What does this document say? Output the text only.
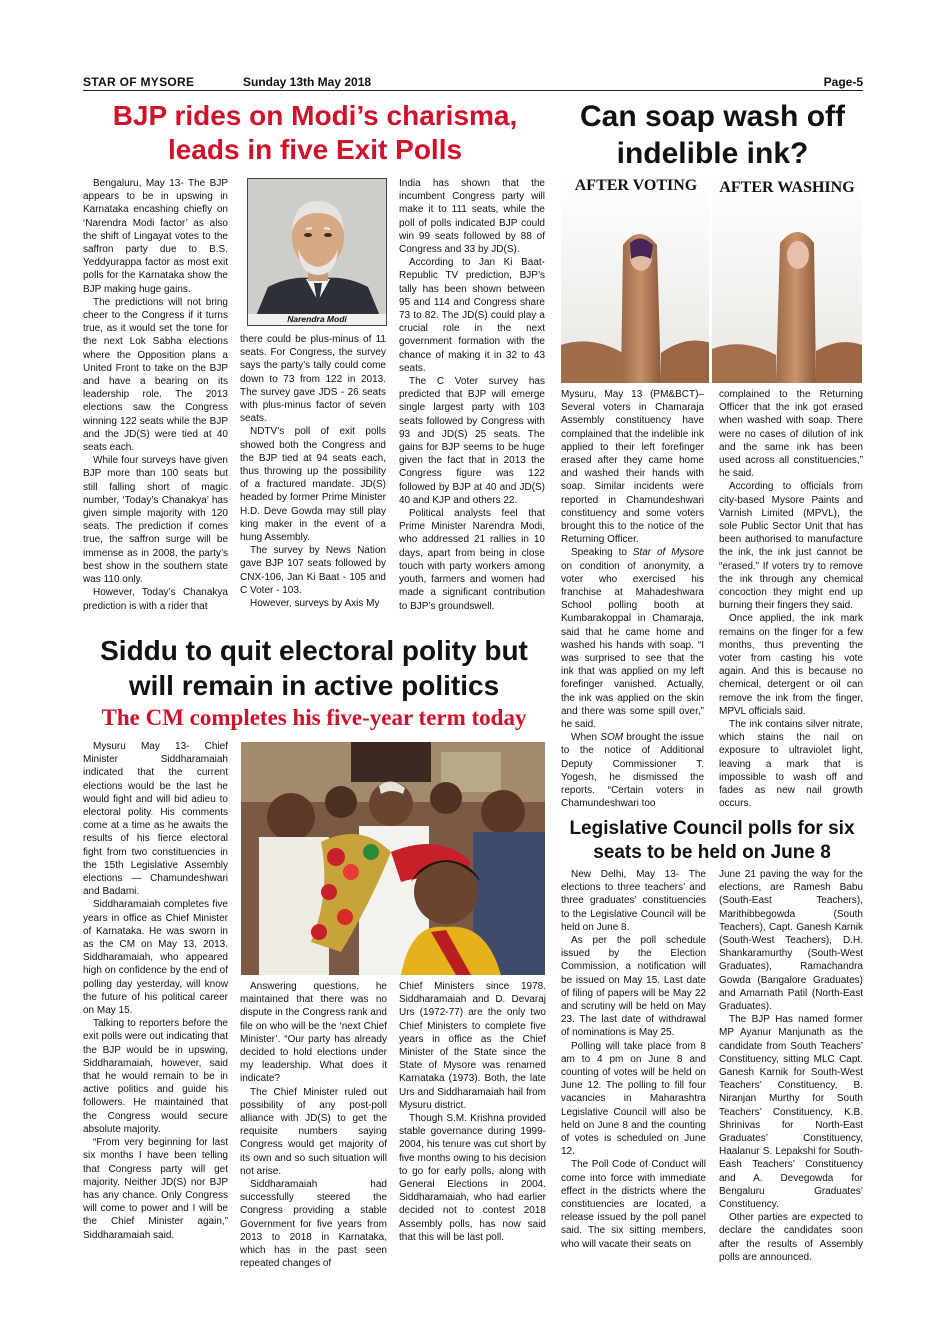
STAR OF MYSORE	Sunday 13th May 2018	Page-5
BJP rides on Modi’s charisma,
leads in five Exit Polls

Bengaluru, May 13- The BJP appears to be in upswing in Karnataka encashing chiefly on ‘Narendra Modi factor’ as also the shift of Lingayat votes to the saffron party due to B.S. Yeddyurappa factor as most exit polls for the Karnataka show the BJP making huge gains.

The predictions will not bring cheer to the Congress if it turns true, as it would set the tone for the next Lok Sabha elections where the Opposition plans a United Front to take on the BJP and have a bearing on its leadership role. The 2013 elections saw the Congress winning 122 seats while the BJP and the JD(S) were tied at 40 seats each.

While four surveys have given BJP more than 100 seats but still falling short of magic number, ‘Today’s Chanakya’ has given simple majority with 120 seats. The prediction if comes true, the saffron surge will be immense as in 2008, the party’s best show in the southern state was 110 only.

However, Today’s Chanakya prediction is with a rider that

Narendra Modi

there could be plus-minus of 11 seats. For Congress, the survey says the party’s tally could come down to 73 from 122 in 2013. The survey gave JDS - 26 seats with plus-minus factor of seven seats.

NDTV’s poll of exit polls showed both the Congress and the BJP tied at 94 seats each, thus throwing up the possibility of a fractured mandate. JD(S) headed by former Prime Minister H.D. Deve Gowda may still play king maker in the event of a hung Assembly.

The survey by News Nation gave BJP 107 seats followed by CNX-106, Jan Ki Baat - 105 and C Voter - 103.

However, surveys by Axis My

India has shown that the incumbent Congress party will make it to 111 seats, while the poll of polls indicated BJP could win 99 seats followed by 88 of Congress and 33 by JD(S).

According to Jan Ki Baat-Republic TV prediction, BJP’s tally has been shown between 95 and 114 and Congress share 73 to 82. The JD(S) could play a crucial role in the next government formation with the chance of making it in 32 to 43 seats.

The C Voter survey has predicted that BJP will emerge single largest party with 103 seats followed by Congress with 93 and JD(S) 25 seats. The gains for BJP seems to be huge given the fact that in 2013 the Congress figure was 122 followed by BJP at 40 and JD(S) 40 and KJP and others 22.

Political analysts feel that Prime Minister Narendra Modi, who addressed 21 rallies in 10 days, apart from being in close touch with party workers among youth, farmers and women had made a significant contribution to BJP’s groundswell.

Can soap wash off
indelible ink?
AFTER VOTING	AFTER WASHING

Mysuru, May 13 (PM&BCT)– Several voters in Chamaraja Assembly constituency have complained that the indelible ink applied to their left forefinger erased after they came home and washed their hands with soap. Similar incidents were reported in Chamundeshwari constituency and some voters brought this to the notice of the Returning Officer.

Speaking to Star of Mysore on condition of anonymity, a voter who exercised his franchise at Mahadeshwara School polling booth at Kumbarakoppal in Chamaraja, said that he came home and washed his hands with soap. “I was surprised to see that the ink that was applied on my left forefinger vanished. Actually, the ink was applied on the skin and there was some spill over,” he said.

When SOM brought the issue to the notice of Additional Deputy Commissioner T. Yogesh, he dismissed the reports. “Certain voters in Chamundeshwari too

complained to the Returning Officer that the ink got erased when washed with soap. There were no cases of dilution of ink and the same ink has been used across all constituencies,” he said.

According to officials from city-based Mysore Paints and Varnish Limited (MPVL), the sole Public Sector Unit that has been authorised to manufacture the ink, the ink just cannot be “erased.” If voters try to remove the ink through any chemical concoction they might end up burning their fingers they said.

Once applied, the ink mark remains on the finger for a few months, thus preventing the voter from casting his vote again. And this is because no chemical, detergent or oil can remove the ink from the finger, MPVL officials said.

The ink contains silver nitrate, which stains the nail on exposure to ultraviolet light, leaving a mark that is impossible to wash off and fades as new nail growth occurs.

Siddu to quit electoral polity but
will remain in active politics
The CM completes his five-year term today

Mysuru May 13- Chief Minister Siddharamaiah indicated that the current elections would be the last he would fight and will bid adieu to electoral polity. His comments come at a time as he awaits the results of his fierce electoral fight from two constituencies in the 15th Legislative Assembly elections — Chamundeshwari and Badami.

Siddharamaiah completes five years in office as Chief Minister of Karnataka. He was sworn in as the CM on May 13, 2013. Siddharamaiah, who appeared high on confidence by the end of polling day yesterday, will know the future of his political career on May 15.

Talking to reporters before the exit polls were out indicating that the BJP would be in upswing, Siddharamaiah, however, said that he would remain to be in active politics and guide his followers. He maintained that the Congress would secure absolute majority.

“From very beginning for last six months I have been telling that Congress party will get majority. Neither JD(S) nor BJP has any chance. Only Congress will come to power and I will be the Chief Minister again,” Siddharamaiah said.

Answering questions, he maintained that there was no dispute in the Congress rank and file on who will be the ‘next Chief Minister’. “Our party has already decided to hold elections under my leadership. What does it indicate?

The Chief Minister ruled out possibility of any post-poll alliance with JD(S) to get the requisite numbers saying Congress would get majority of its own and so such situation will not arise.

Siddharamaiah had successfully steered the Congress providing a stable Government for five years from 2013 to 2018 in Karnataka, which has in the past seen repeated changes of

Chief Ministers since 1978. Siddharamaiah and D. Devaraj Urs (1972-77) are the only two Chief Ministers to complete five years in office as the Chief Minister of the State since the State of Mysore was renamed Karnataka (1973). Both, the late Urs and Siddharamaiah hail from Mysuru district.

Though S.M. Krishna provided stable governance during 1999-2004, his tenure was cut short by five months owing to his decision to go for early polls, along with General Elections in 2004. Siddharamaiah, who had earlier decided not to contest 2018 Assembly polls, has now said that this will be last poll.

Legislative Council polls for six
seats to be held on June 8

New Delhi, May 13- The elections to three teachers’ and three graduates’ constituencies to the Legislative Council will be held on June 8.

As per the poll schedule issued by the Election Commission, a notification will be issued on May 15. Last date of filing of papers will be May 22 and scrutiny will be held on May 23. The last date of withdrawal of nominations is May 25.

Polling will take place from 8 am to 4 pm on June 8 and counting of votes will be held on June 12. The polling to fill four vacancies in Maharashtra Legislative Council will also be held on June 8 and the counting of votes is scheduled on June 12.

The Poll Code of Conduct will come into force with immediate effect in the districts where the constituencies are located, a release issued by the poll panel said. The six sitting members, who will vacate their seats on

June 21 paving the way for the elections, are Ramesh Babu (South-East Teachers), Marithibbegowda (South Teachers), Capt. Ganesh Karnik (South-West Teachers), D.H. Shankaramurthy (South-West Graduates), Ramachandra Gowda (Bangalore Graduates) and Amarnath Patil (North-East Graduates).

The BJP Has named former MP Ayanur Manjunath as the candidate from South Teachers’ Constituency, sitting MLC Capt. Ganesh Karnik for South-West Teachers’ Constituency, B. Niranjan Murthy for South Teachers’ Constituency, K.B. Shrinivas for North-East Graduates’ Constituency, Haalanur S. Lepakshi for South-Eash Teachers’ Constituency and A. Devegowda for Bengaluru Graduates’ Constituency.

Other parties are expected to declare the candidates soon after the results of Assembly polls are announced.
